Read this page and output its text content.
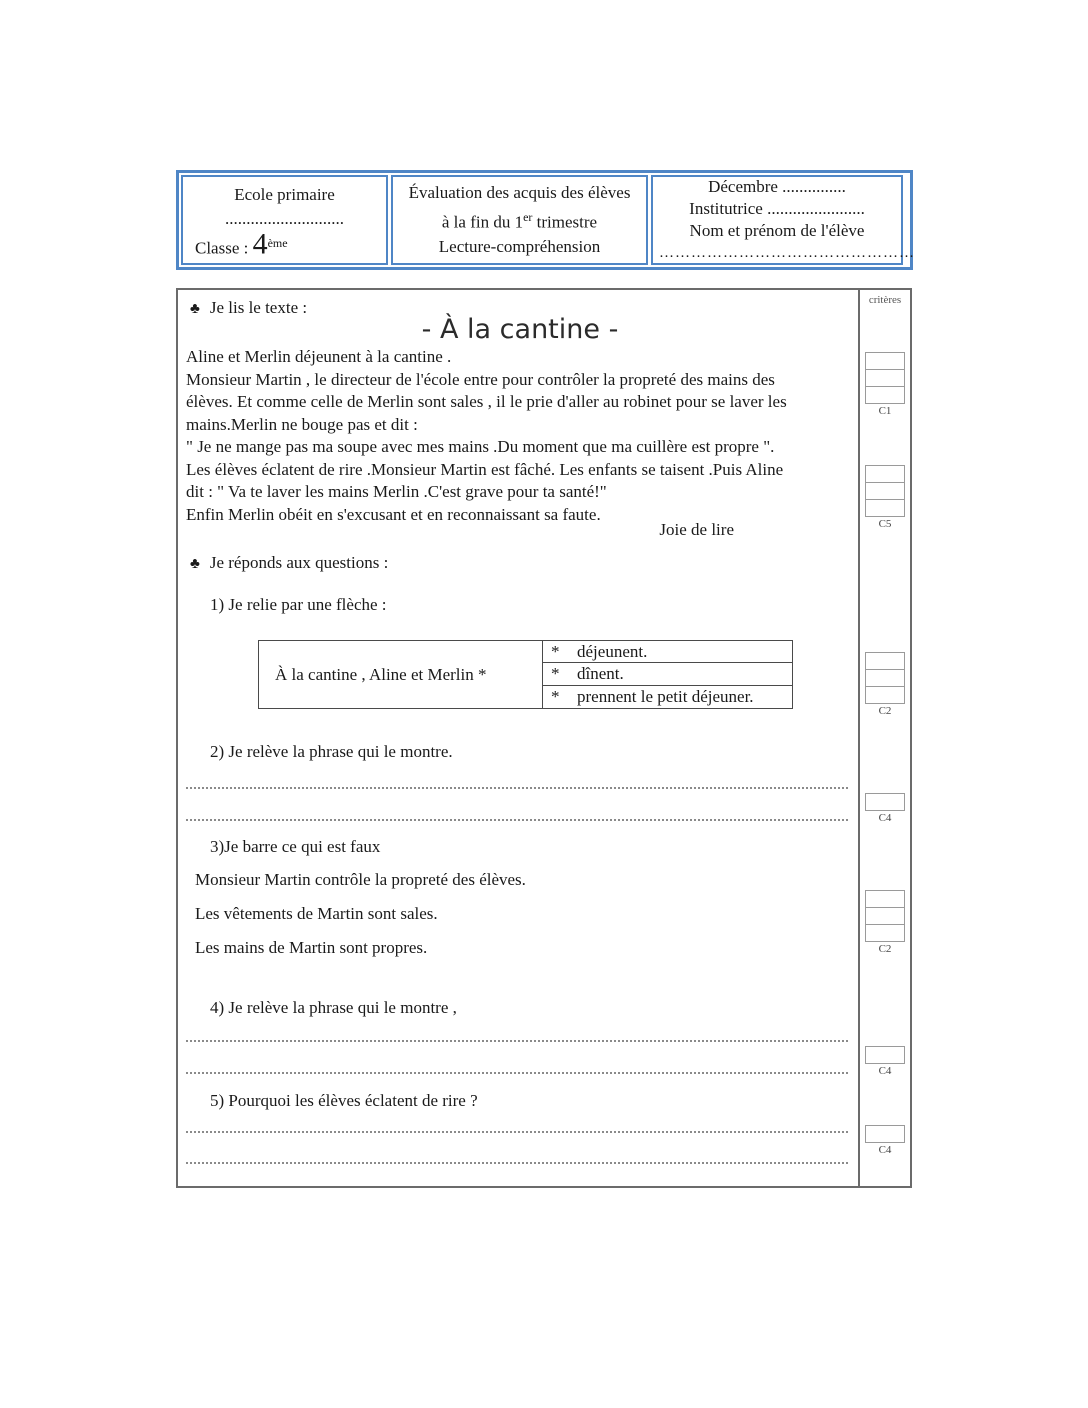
Ecole primaire
............................
Classe : 4ème
Évaluation des acquis des élèves
à la fin du 1er trimestre
Lecture-compréhension
Décembre ...............
Institutrice .......................
Nom et prénom de l'élève
…………………………………………
♣ Je lis le texte :
- À la cantine -
Aline et Merlin déjeunent à la cantine .
Monsieur Martin , le directeur de l'école entre pour contrôler la propreté des mains des
élèves. Et comme celle de Merlin sont sales , il le prie d'aller au robinet pour se laver les
mains.Merlin ne bouge pas et dit :
" Je ne mange pas ma soupe avec mes mains .Du moment que ma cuillère est propre ".
Les élèves éclatent de rire .Monsieur Martin est fâché. Les enfants se taisent .Puis Aline
dit : " Va te laver les mains Merlin .C'est grave pour ta santé!"
Enfin Merlin obéit en s'excusant et en reconnaissant sa faute.
Joie de lire
♣ Je réponds aux questions :
1) Je relie par une flèche :
À la cantine , Aline et Merlin *
*	déjeunent.
*	dînent.
*	prennent le petit déjeuner.
2) Je relève la phrase qui le montre.
3)Je barre ce qui est faux
Monsieur Martin contrôle la propreté des élèves.
Les vêtements de Martin sont sales.
Les mains de Martin sont propres.
4) Je relève la phrase qui le montre ,
5) Pourquoi les élèves éclatent de rire ?
critères
C1
C5
C2
C4
C2
C4
C4
